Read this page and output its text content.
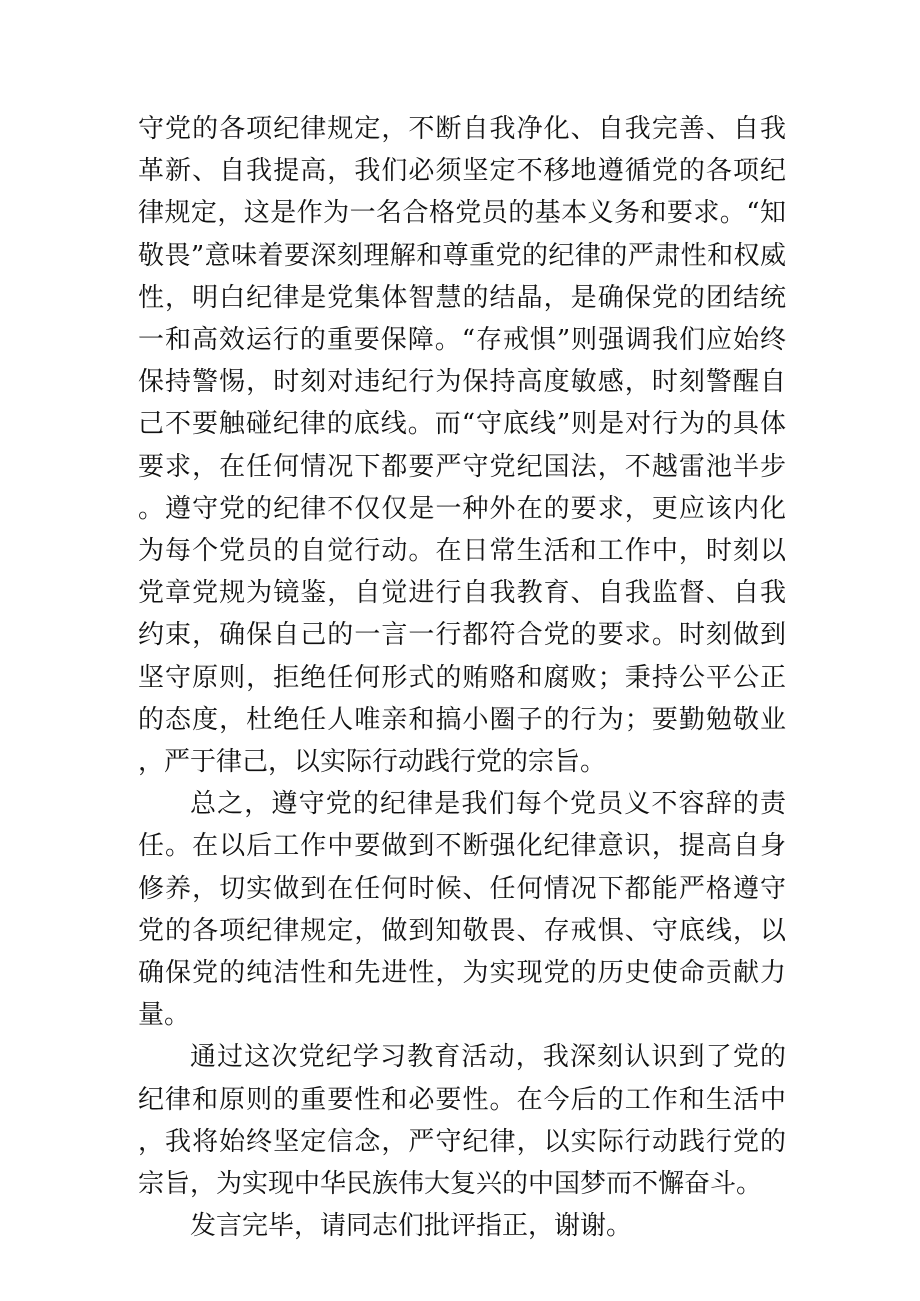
守党的各项纪律规定，不断自我净化、自我完善、自我革新、自我提高，我们必须坚定不移地遵循党的各项纪律规定，这是作为一名合格党员的基本义务和要求。“知敬畏”意味着要深刻理解和尊重党的纪律的严肃性和权威性，明白纪律是党集体智慧的结晶，是确保党的团结统一和高效运行的重要保障。“存戒惧”则强调我们应始终保持警惕，时刻对违纪行为保持高度敏感，时刻警醒自己不要触碰纪律的底线。而“守底线”则是对行为的具体要求，在任何情况下都要严守党纪国法，不越雷池半步。遵守党的纪律不仅仅是一种外在的要求，更应该内化为每个党员的自觉行动。在日常生活和工作中，时刻以党章党规为镜鉴，自觉进行自我教育、自我监督、自我约束，确保自己的一言一行都符合党的要求。时刻做到坚守原则，拒绝任何形式的贿赂和腐败；秉持公平公正的态度，杜绝任人唯亲和搞小圈子的行为；要勤勉敬业，严于律己，以实际行动践行党的宗旨。

总之，遵守党的纪律是我们每个党员义不容辞的责任。在以后工作中要做到不断强化纪律意识，提高自身修养，切实做到在任何时候、任何情况下都能严格遵守党的各项纪律规定，做到知敬畏、存戒惧、守底线，以确保党的纯洁性和先进性，为实现党的历史使命贡献力量。

通过这次党纪学习教育活动，我深刻认识到了党的纪律和原则的重要性和必要性。在今后的工作和生活中，我将始终坚定信念，严守纪律，以实际行动践行党的宗旨，为实现中华民族伟大复兴的中国梦而不懈奋斗。

发言完毕，请同志们批评指正，谢谢。
